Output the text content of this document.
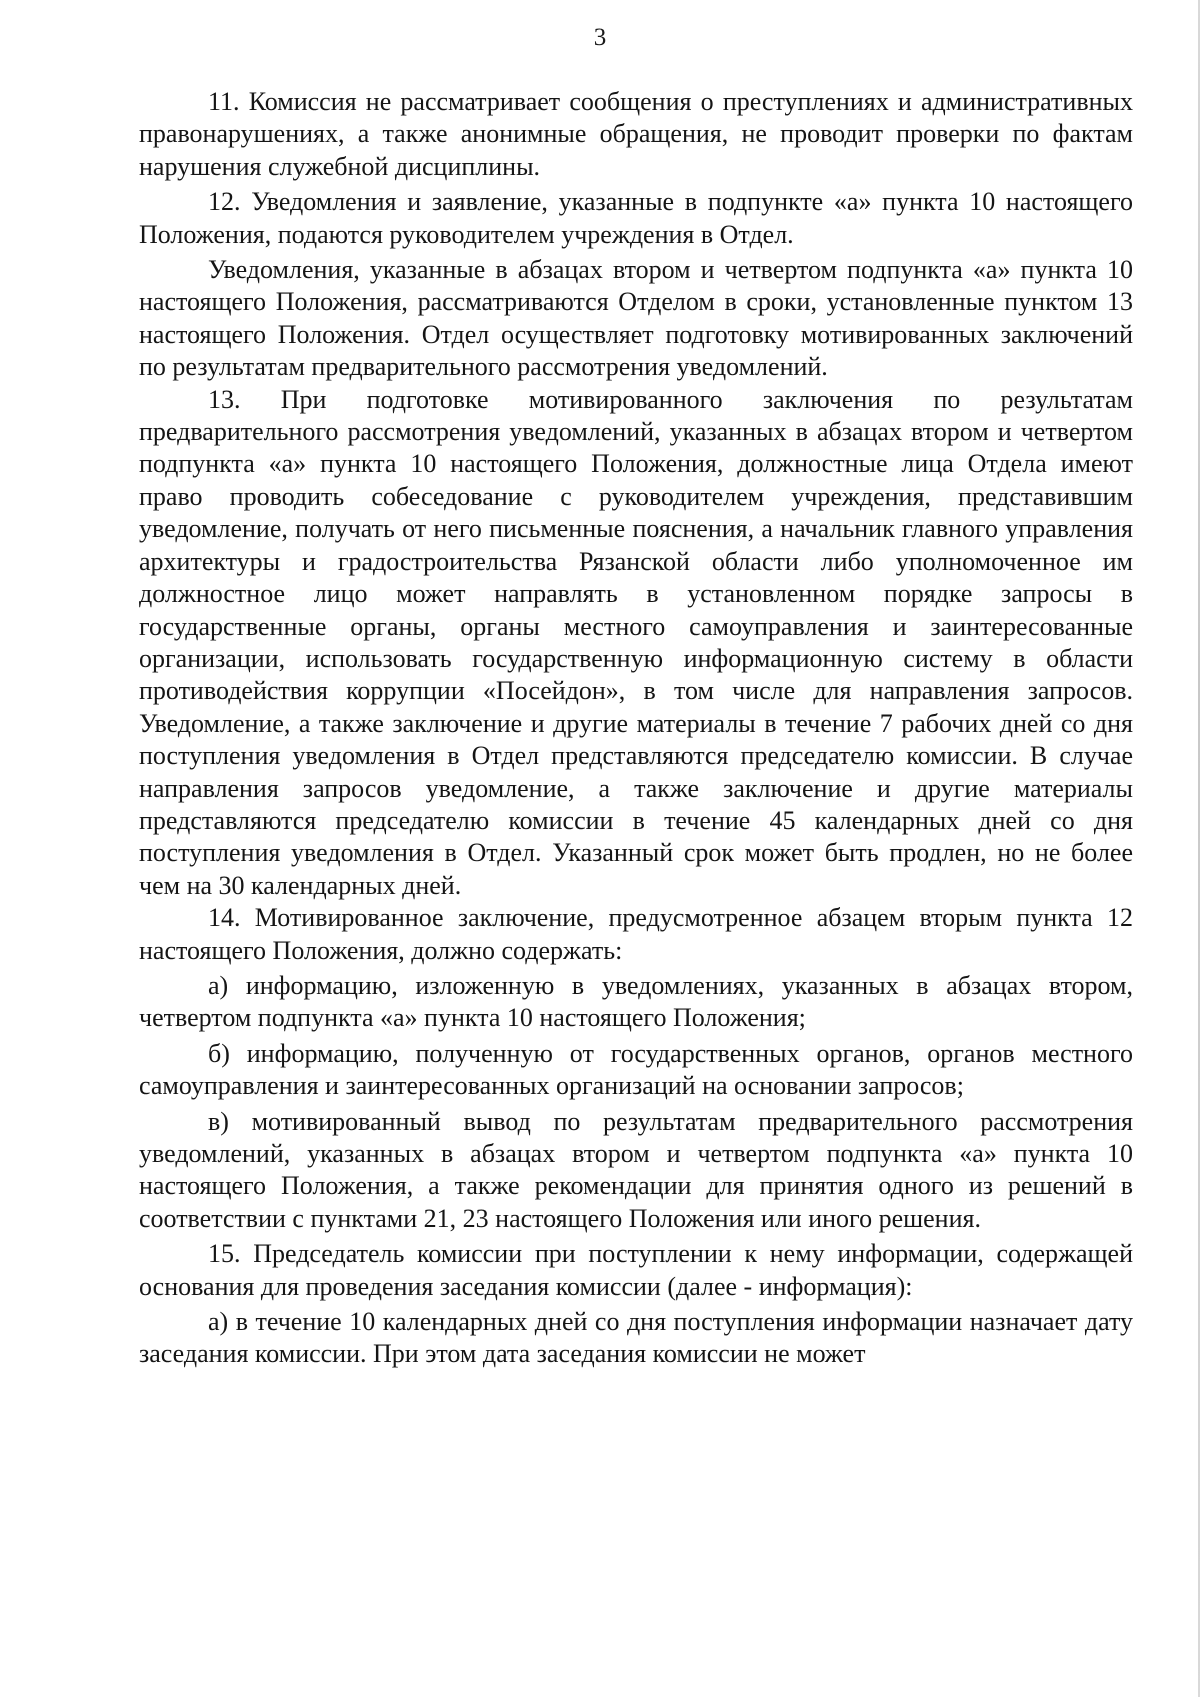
3

11. Комиссия не рассматривает сообщения о преступлениях и административных правонарушениях, а также анонимные обращения, не проводит проверки по фактам нарушения служебной дисциплины.

12. Уведомления и заявление, указанные в подпункте «а» пункта 10 настоящего Положения, подаются руководителем учреждения в Отдел.

Уведомления, указанные в абзацах втором и четвертом подпункта «а» пункта 10 настоящего Положения, рассматриваются Отделом в сроки, установленные пунктом 13 настоящего Положения. Отдел осуществляет подготовку мотивированных заключений по результатам предварительного рассмотрения уведомлений.

13. При подготовке мотивированного заключения по результатам предварительного рассмотрения уведомлений, указанных в абзацах втором и четвертом подпункта «а» пункта 10 настоящего Положения, должностные лица Отдела имеют право проводить собеседование с руководителем учреждения, представившим уведомление, получать от него письменные пояснения, а начальник главного управления архитектуры и градостроительства Рязанской области либо уполномоченное им должностное лицо может направлять в установленном порядке запросы в государственные органы, органы местного самоуправления и заинтересованные организации, использовать государственную информационную систему в области противодействия коррупции «Посейдон», в том числе для направления запросов. Уведомление, а также заключение и другие материалы в течение 7 рабочих дней со дня поступления уведомления в Отдел представляются председателю комиссии. В случае направления запросов уведомление, а также заключение и другие материалы представляются председателю комиссии в течение 45 календарных дней со дня поступления уведомления в Отдел. Указанный срок может быть продлен, но не более чем на 30 календарных дней.

14. Мотивированное заключение, предусмотренное абзацем вторым пункта 12 настоящего Положения, должно содержать:

а) информацию, изложенную в уведомлениях, указанных в абзацах втором, четвертом подпункта «а» пункта 10 настоящего Положения;

б) информацию, полученную от государственных органов, органов местного самоуправления и заинтересованных организаций на основании запросов;

в) мотивированный вывод по результатам предварительного рассмотрения уведомлений, указанных в абзацах втором и четвертом подпункта «а» пункта 10 настоящего Положения, а также рекомендации для принятия одного из решений в соответствии с пунктами 21, 23 настоящего Положения или иного решения.

15. Председатель комиссии при поступлении к нему информации, содержащей основания для проведения заседания комиссии (далее - информация):

а) в течение 10 календарных дней со дня поступления информации назначает дату заседания комиссии. При этом дата заседания комиссии не может
